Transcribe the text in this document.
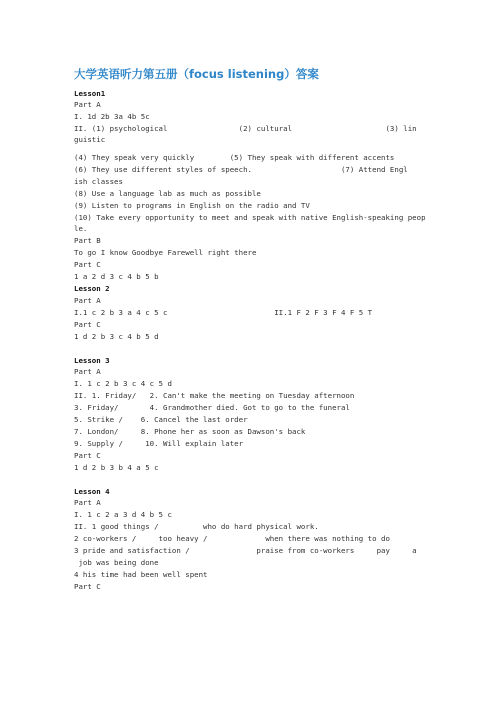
大学英语听力第五册（focus listening）答案
Lesson1
Part A
I. 1d 2b 3a 4b 5c
II. (1) psychological                (2) cultural                     (3) lin
guistic
(4) They speak very quickly        (5) They speak with different accents
(6) They use different styles of speech.                    (7) Attend Engl
ish classes
(8) Use a language lab as much as possible
(9) Listen to programs in English on the radio and TV
(10) Take every opportunity to meet and speak with native English-speaking peop
le.
Part B
To go I know Goodbye Farewell right there
Part C
1 a 2 d 3 c 4 b 5 b
Lesson 2
Part A
I.1 c 2 b 3 a 4 c 5 c                        II.1 F 2 F 3 F 4 F 5 T
Part C
1 d 2 b 3 c 4 b 5 d
Lesson 3
Part A
I. 1 c 2 b 3 c 4 c 5 d
II. 1. Friday/   2. Can't make the meeting on Tuesday afternoon
3. Friday/       4. Grandmother died. Got to go to the funeral
5. Strike /    6. Cancel the last order
7. London/     8. Phone her as soon as Dawson's back
9. Supply /     10. Will explain later
Part C
1 d 2 b 3 b 4 a 5 c
Lesson 4
Part A
I. 1 c 2 a 3 d 4 b 5 c
II. 1 good things /          who do hard physical work.
2 co-workers /     too heavy /             when there was nothing to do
3 pride and satisfaction /               praise from co-workers     pay     a
job was being done
4 his time had been well spent
Part C
